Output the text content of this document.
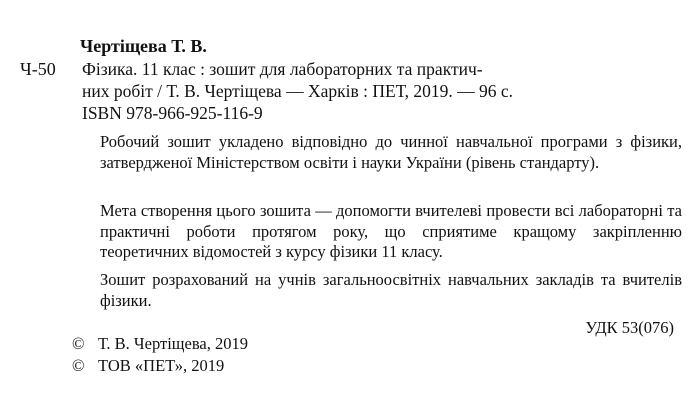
Чертіщева Т. В.
Ч-50 Фізика. 11 клас : зошит для лабораторних та практич-
них робіт / Т. В. Чертіщева — Харків : ПЕТ, 2019. — 96 с.
ISBN 978-966-925-116-9
Робочий зошит укладено відповідно до чинної навчальної програми з фізики, затвердженої Міністерством освіти і науки України (рівень стандарту).
Мета створення цього зошита — допомогти вчителеві провести всі лабораторні та практичні роботи протягом року, що сприятиме кращому закріпленню теоретичних відомостей з курсу фізики 11 класу.
Зошит розрахований на учнів загальноосвітніх навчальних закладів та вчителів фізики.
УДК 53(076)
© Т. В. Чертіщева, 2019
© ТОВ «ПЕТ», 2019
